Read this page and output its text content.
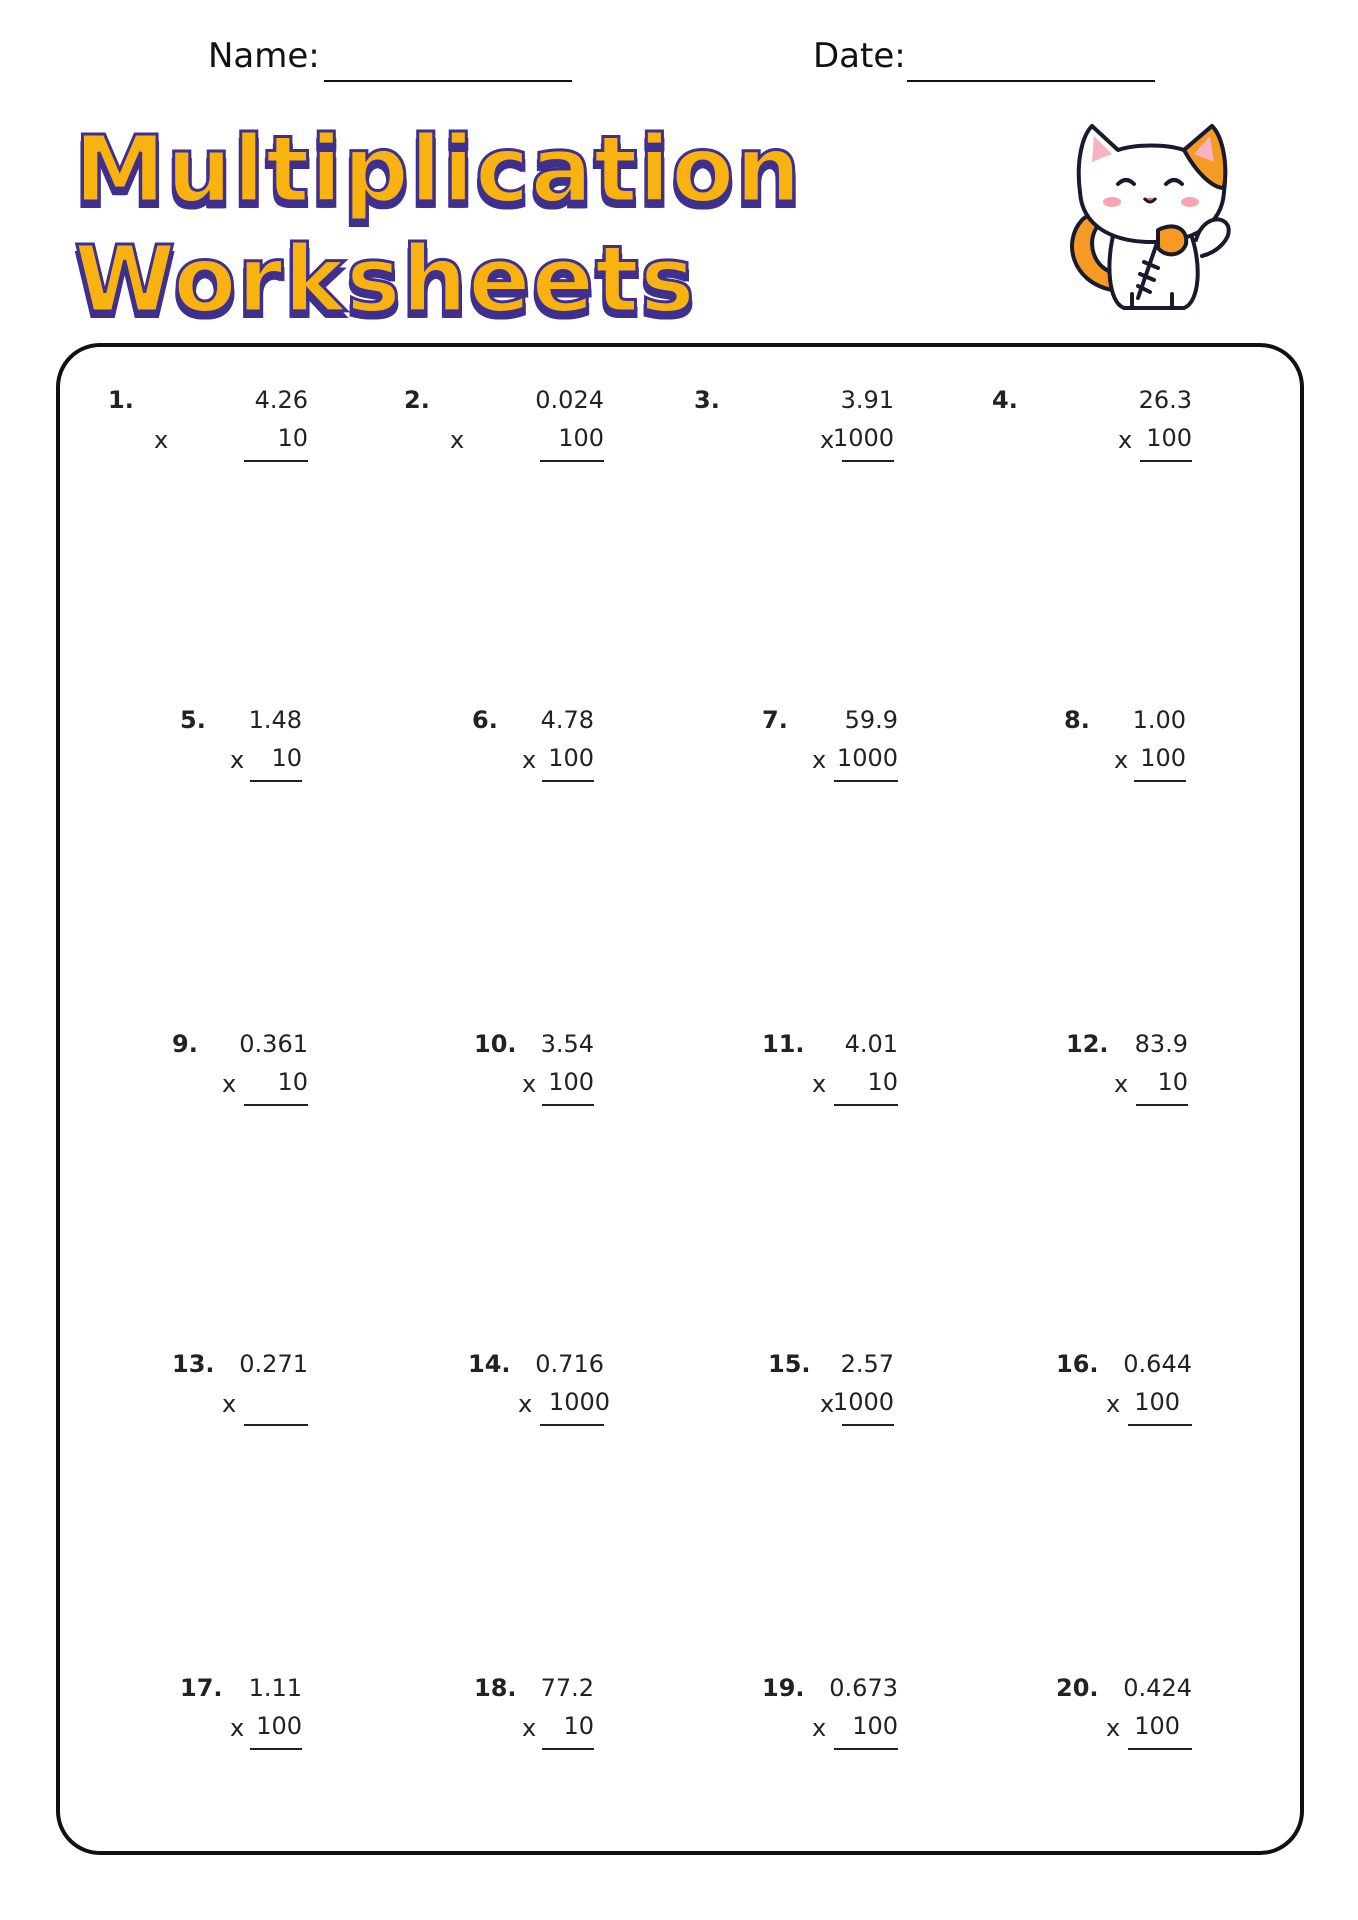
Name:	Date:
Multiplication
Worksheets
1.	4.26
x	10
2.	0.024
x	100
3.	3.91
x
1000
4.	26.3
x 100
5. 1.48
x 10
6. 4.78
x 100
7. 59.9
x 1000
8. 1.00
x 100
9. 0.361
x 10
10. 3.54
x 100
11. 4.01
x 10
12. 83.9
x 10
13. 0.271
x
14. 0.716
x 1000
15. 2.57
x
1000
16. 0.644
x 100
17. 1.11
x 100
18. 77.2
x 10
19. 0.673
x 100
20. 0.424
x 100
